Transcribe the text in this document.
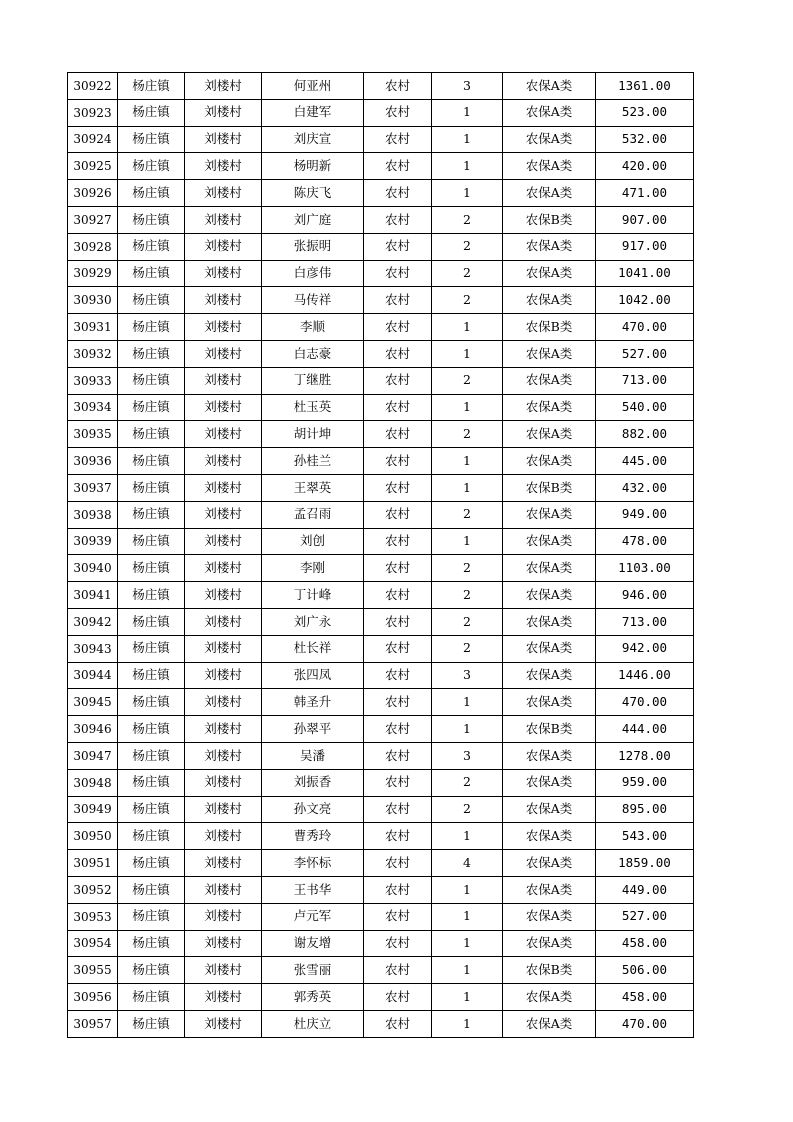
30922	杨庄镇	刘楼村	何亚州	农村	3	农保A类	1361.00
30923	杨庄镇	刘楼村	白建军	农村	1	农保A类	523.00
30924	杨庄镇	刘楼村	刘庆宣	农村	1	农保A类	532.00
30925	杨庄镇	刘楼村	杨明新	农村	1	农保A类	420.00
30926	杨庄镇	刘楼村	陈庆飞	农村	1	农保A类	471.00
30927	杨庄镇	刘楼村	刘广庭	农村	2	农保B类	907.00
30928	杨庄镇	刘楼村	张振明	农村	2	农保A类	917.00
30929	杨庄镇	刘楼村	白彦伟	农村	2	农保A类	1041.00
30930	杨庄镇	刘楼村	马传祥	农村	2	农保A类	1042.00
30931	杨庄镇	刘楼村	李顺	农村	1	农保B类	470.00
30932	杨庄镇	刘楼村	白志豪	农村	1	农保A类	527.00
30933	杨庄镇	刘楼村	丁继胜	农村	2	农保A类	713.00
30934	杨庄镇	刘楼村	杜玉英	农村	1	农保A类	540.00
30935	杨庄镇	刘楼村	胡计坤	农村	2	农保A类	882.00
30936	杨庄镇	刘楼村	孙桂兰	农村	1	农保A类	445.00
30937	杨庄镇	刘楼村	王翠英	农村	1	农保B类	432.00
30938	杨庄镇	刘楼村	孟召雨	农村	2	农保A类	949.00
30939	杨庄镇	刘楼村	刘创	农村	1	农保A类	478.00
30940	杨庄镇	刘楼村	李刚	农村	2	农保A类	1103.00
30941	杨庄镇	刘楼村	丁计峰	农村	2	农保A类	946.00
30942	杨庄镇	刘楼村	刘广永	农村	2	农保A类	713.00
30943	杨庄镇	刘楼村	杜长祥	农村	2	农保A类	942.00
30944	杨庄镇	刘楼村	张四凤	农村	3	农保A类	1446.00
30945	杨庄镇	刘楼村	韩圣升	农村	1	农保A类	470.00
30946	杨庄镇	刘楼村	孙翠平	农村	1	农保B类	444.00
30947	杨庄镇	刘楼村	吴潘	农村	3	农保A类	1278.00
30948	杨庄镇	刘楼村	刘振香	农村	2	农保A类	959.00
30949	杨庄镇	刘楼村	孙文亮	农村	2	农保A类	895.00
30950	杨庄镇	刘楼村	曹秀玲	农村	1	农保A类	543.00
30951	杨庄镇	刘楼村	李怀标	农村	4	农保A类	1859.00
30952	杨庄镇	刘楼村	王书华	农村	1	农保A类	449.00
30953	杨庄镇	刘楼村	卢元军	农村	1	农保A类	527.00
30954	杨庄镇	刘楼村	谢友增	农村	1	农保A类	458.00
30955	杨庄镇	刘楼村	张雪丽	农村	1	农保B类	506.00
30956	杨庄镇	刘楼村	郭秀英	农村	1	农保A类	458.00
30957	杨庄镇	刘楼村	杜庆立	农村	1	农保A类	470.00
